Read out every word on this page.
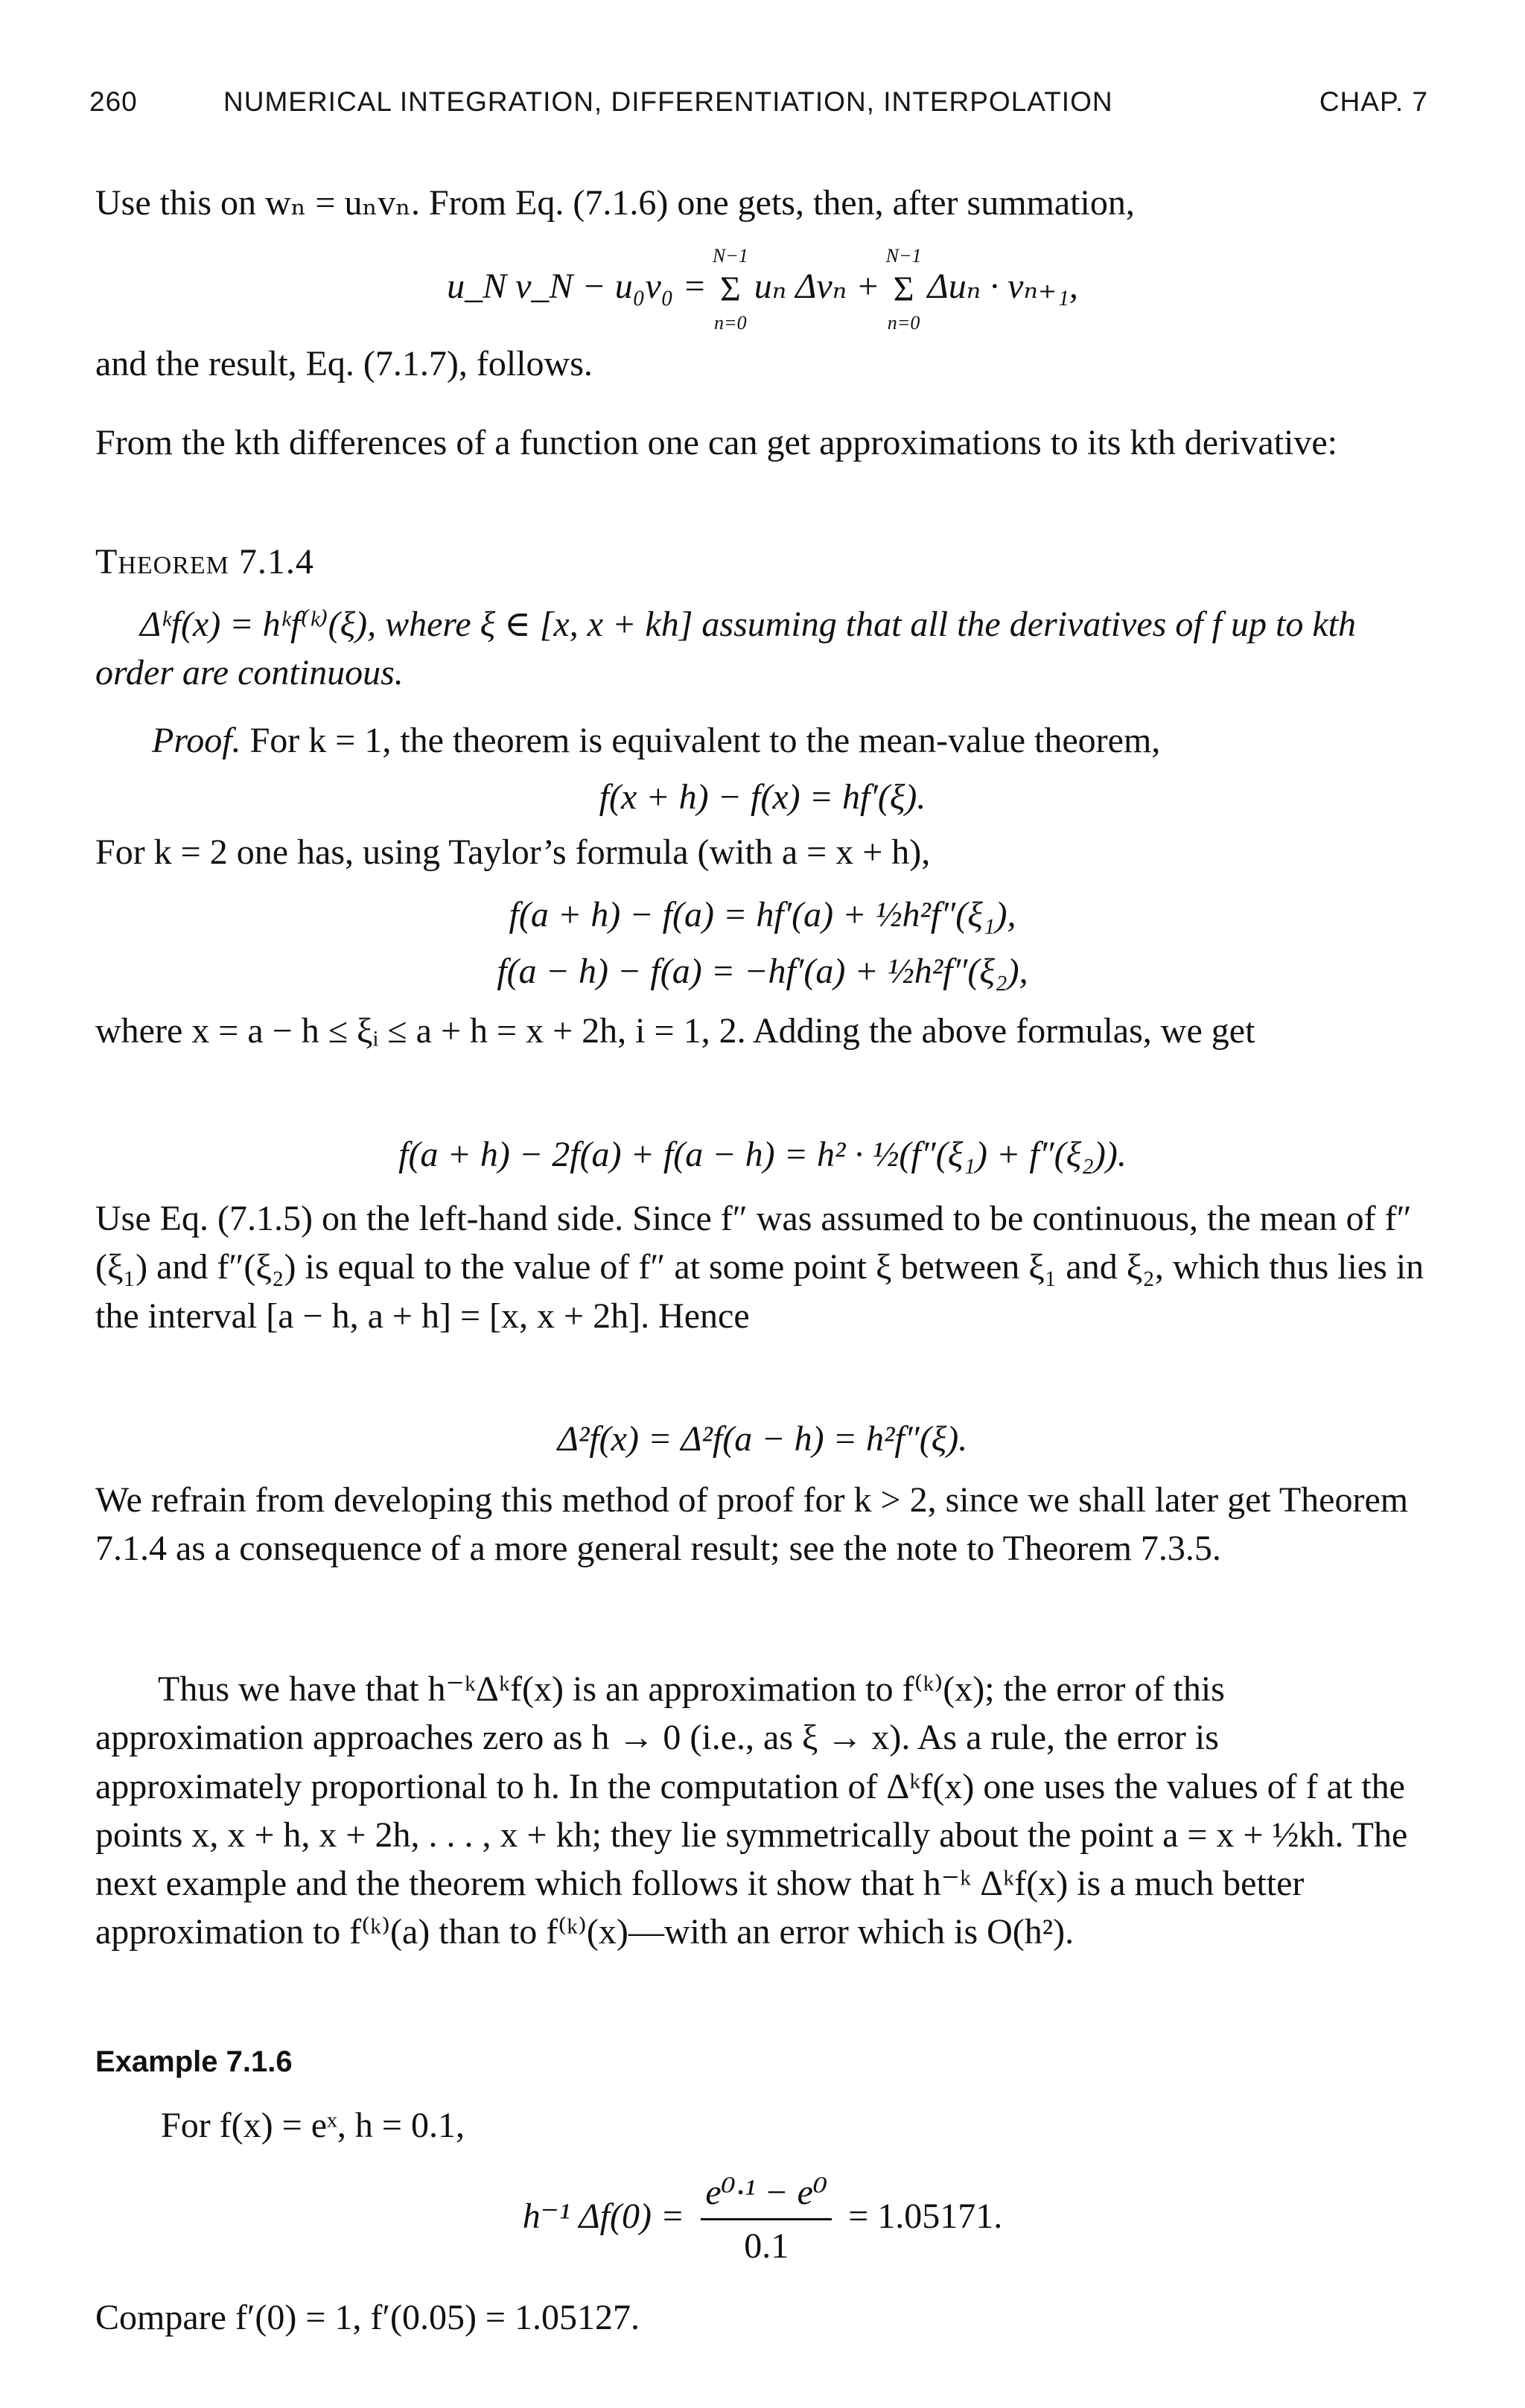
260	NUMERICAL INTEGRATION, DIFFERENTIATION, INTERPOLATION	CHAP. 7

Use this on wₙ = uₙvₙ. From Eq. (7.1.6) one gets, then, after summation,

u_N v_N − u₀v₀ =
N−1
Σ
n=0
uₙ Δvₙ +
N−1
Σ
n=0
Δuₙ · vₙ₊₁,

and the result, Eq. (7.1.7), follows.

From the kth differences of a function one can get approximations to its kth derivative:

Theorem 7.1.4

Δᵏf(x) = hᵏf⁽ᵏ⁾(ξ), where ξ ∈ [x, x + kh] assuming that all the derivatives of f up to kth order are continuous.

Proof. For k = 1, the theorem is equivalent to the mean-value theorem,

f(x + h) − f(x) = hf′(ξ).

For k = 2 one has, using Taylor’s formula (with a = x + h),

f(a + h) − f(a) = hf′(a) + ½h²f″(ξ₁),
f(a − h) − f(a) = −hf′(a) + ½h²f″(ξ₂),

where x = a − h ≤ ξᵢ ≤ a + h = x + 2h, i = 1, 2. Adding the above formulas, we get

f(a + h) − 2f(a) + f(a − h) = h² · ½(f″(ξ₁) + f″(ξ₂)).

Use Eq. (7.1.5) on the left-hand side. Since f″ was assumed to be continuous, the mean of f″(ξ₁) and f″(ξ₂) is equal to the value of f″ at some point ξ between ξ₁ and ξ₂, which thus lies in the interval [a − h, a + h] = [x, x + 2h]. Hence

Δ²f(x) = Δ²f(a − h) = h²f″(ξ).

We refrain from developing this method of proof for k > 2, since we shall later get Theorem 7.1.4 as a consequence of a more general result; see the note to Theorem 7.3.5.

Thus we have that h⁻ᵏΔᵏf(x) is an approximation to f⁽ᵏ⁾(x); the error of this approximation approaches zero as h → 0 (i.e., as ξ → x). As a rule, the error is approximately proportional to h. In the computation of Δᵏf(x) one uses the values of f at the points x, x + h, x + 2h, . . . , x + kh; they lie symmetrically about the point a = x + ½kh. The next example and the theorem which follows it show that h⁻ᵏ Δᵏf(x) is a much better approximation to f⁽ᵏ⁾(a) than to f⁽ᵏ⁾(x)—with an error which is O(h²).

Example 7.1.6

For f(x) = eˣ, h = 0.1,

h⁻¹ $\Delta f(0) = \frac{\text{e⁰·¹ − e⁰}}{0.1} = 1.05171$.

Compare f′(0) = 1, f′(0.05) = 1.05127.
